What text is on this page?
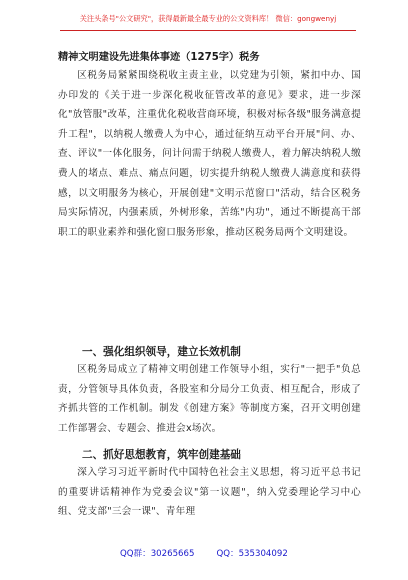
关注头条号"公文研究"，获得最新最全最专业的公文资料库！ 微信：gongwenyj
精神文明建设先进集体事迹（1275字）税务
区税务局紧紧围绕税收主责主业，以党建为引领，紧扣中办、国办印发的《关于进一步深化税收征管改革的意见》要求，进一步深化"放管服"改革，注重优化税收营商环境，积极对标各级"服务满意提升工程"，以纳税人缴费人为中心，通过征纳互动平台开展"问、办、查、评议"一体化服务，问计问需于纳税人缴费人，着力解决纳税人缴费人的堵点、难点、痛点问题，切实提升纳税人缴费人满意度和获得感，以文明服务为核心，开展创建"文明示范窗口"活动，结合区税务局实际情况，内强素质，外树形象，苦练"内功"，通过不断提高干部职工的职业素养和强化窗口服务形象，推动区税务局两个文明建设。
一、强化组织领导，建立长效机制
区税务局成立了精神文明创建工作领导小组，实行"一把手"负总责，分管领导具体负责，各股室和分局分工负责、相互配合，形成了齐抓共管的工作机制。制发《创建方案》等制度方案，召开文明创建工作部署会、专题会、推进会x场次。
二、抓好思想教育，筑牢创建基础
深入学习习近平新时代中国特色社会主义思想，将习近平总书记的重要讲话精神作为党委会议"第一议题"，纳入党委理论学习中心组、党支部"三会一课"、青年理
QQ群：30265665	QQ：535304092
